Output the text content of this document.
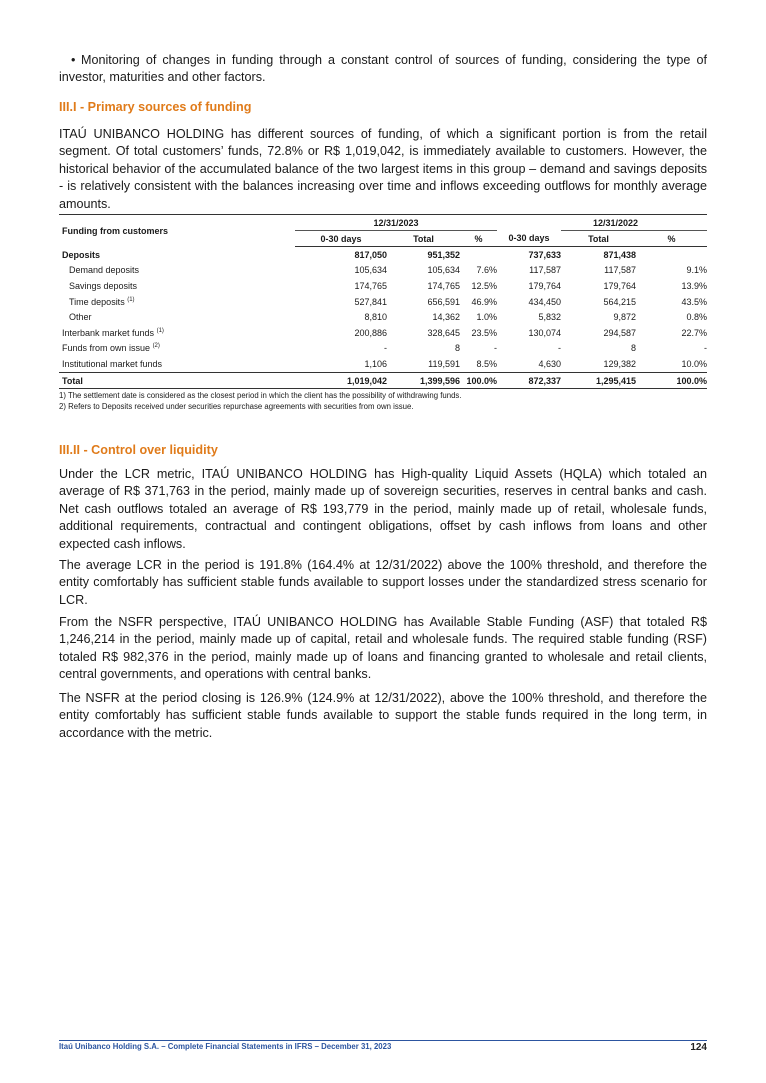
• Monitoring of changes in funding through a constant control of sources of funding, considering the type of investor, maturities and other factors.

III.I - Primary sources of funding

ITAÚ UNIBANCO HOLDING has different sources of funding, of which a significant portion is from the retail segment. Of total customers’ funds, 72.8% or R$ 1,019,042, is immediately available to customers. However, the historical behavior of the accumulated balance of the two largest items in this group – demand and savings deposits - is relatively consistent with the balances increasing over time and inflows exceeding outflows for monthly average amounts.

Funding from customers	12/31/2023				12/31/2022		
	0-30 days	Total	%	0-30 days	Total	%	
Deposits	817,050	951,352		737,633	871,438		
Demand deposits	105,634	105,634	7.6%	117,587	117,587	9.1%	
Savings deposits	174,765	174,765	12.5%	179,764	179,764	13.9%	
Time deposits $^{(1)}$	527,841	656,591	46.9%	434,450	564,215	43.5%	
Other	8,810	14,362	1.0%	5,832	9,872	0.8%	
Interbank market funds $^{(1)}$	200,886	328,645	23.5%	130,074	294,587	22.7%	
Funds from own issue $^{(2)}$	-	8	-	-	8	-	
Institutional market funds	1,106	119,591	8.5%	4,630	129,382	10.0%	
Total	1,019,042	1,399,596	100.0%	872,337	1,295,415	100.0%	
1) The settlement date is considered as the closest period in which the client has the possibility of withdrawing funds.
2) Refers to Deposits received under securities repurchase agreements with securities from own issue.
III.II - Control over liquidity

Under the LCR metric, ITAÚ UNIBANCO HOLDING has High-quality Liquid Assets (HQLA) which totaled an average of R$ 371,763 in the period, mainly made up of sovereign securities, reserves in central banks and cash. Net cash outflows totaled an average of R$ 193,779 in the period, mainly made up of retail, wholesale funds, additional requirements, contractual and contingent obligations, offset by cash inflows from loans and other expected cash inflows.

The average LCR in the period is 191.8% (164.4% at 12/31/2022) above the 100% threshold, and therefore the entity comfortably has sufficient stable funds available to support losses under the standardized stress scenario for LCR.

From the NSFR perspective, ITAÚ UNIBANCO HOLDING has Available Stable Funding (ASF) that totaled R$ 1,246,214 in the period, mainly made up of capital, retail and wholesale funds. The required stable funding (RSF) totaled R$ 982,376 in the period, mainly made up of loans and financing granted to wholesale and retail clients, central governments, and operations with central banks.

The NSFR at the period closing is 126.9% (124.9% at 12/31/2022), above the 100% threshold, and therefore the entity comfortably has sufficient stable funds available to support the stable funds required in the long term, in accordance with the metric.

Itaú Unibanco Holding S.A. – Complete Financial Statements in IFRS – December 31, 2023	124
